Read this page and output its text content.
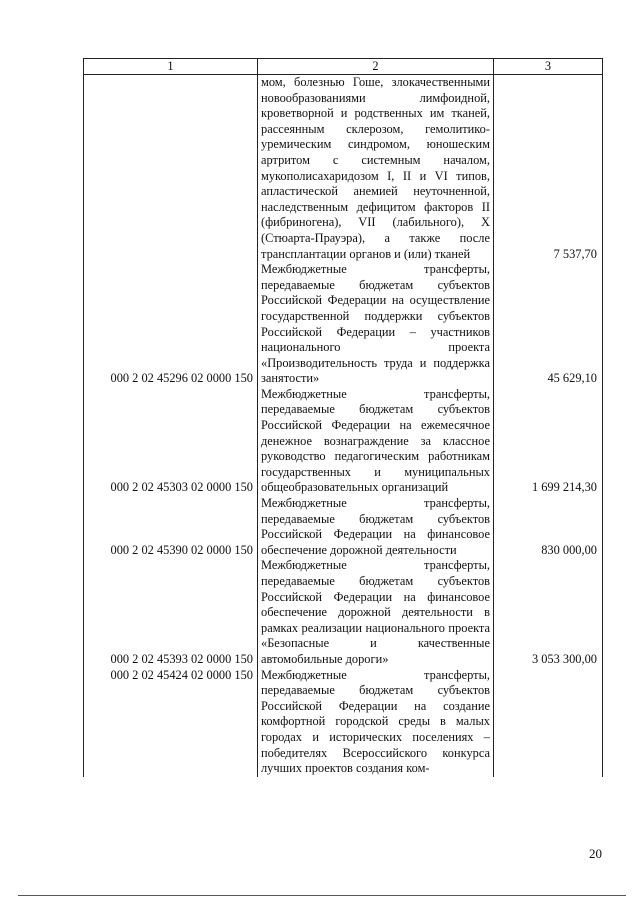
1	2	3
	мом, болезнью Гоше, злокачественными новообразованиями лимфоидной, кроветворной и родственных им тканей, рассеянным склерозом, гемолитико-уремическим синдромом, юношеским артритом с системным началом, мукополисахаридозом I, II и VI типов, апластической анемией неуточненной, наследственным дефицитом факторов II (фибриногена), VII (лабильного), X (Стюарта-Прауэра), а также после трансплантации органов и (или) тканей	7 537,70
000 2 02 45296 02 0000 150	Межбюджетные трансферты, передаваемые бюджетам субъектов Российской Федерации на осуществление государственной поддержки субъектов Российской Федерации – участников национального проекта «Производительность труда и поддержка занятости»	45 629,10
000 2 02 45303 02 0000 150	Межбюджетные трансферты, передаваемые бюджетам субъектов Российской Федерации на ежемесячное денежное вознаграждение за классное руководство педагогическим работникам государственных и муниципальных общеобразовательных организаций	1 699 214,30
000 2 02 45390 02 0000 150	Межбюджетные трансферты, передаваемые бюджетам субъектов Российской Федерации на финансовое обеспечение дорожной деятельности	830 000,00
000 2 02 45393 02 0000 150	Межбюджетные трансферты, передаваемые бюджетам субъектов Российской Федерации на финансовое обеспечение дорожной деятельности в рамках реализации национального проекта «Безопасные и качественные автомобильные дороги»	3 053 300,00
000 2 02 45424 02 0000 150	Межбюджетные трансферты, передаваемые бюджетам субъектов Российской Федерации на создание комфортной городской среды в малых городах и исторических поселениях – победителях Всероссийского конкурса лучших проектов создания ком-	
20
